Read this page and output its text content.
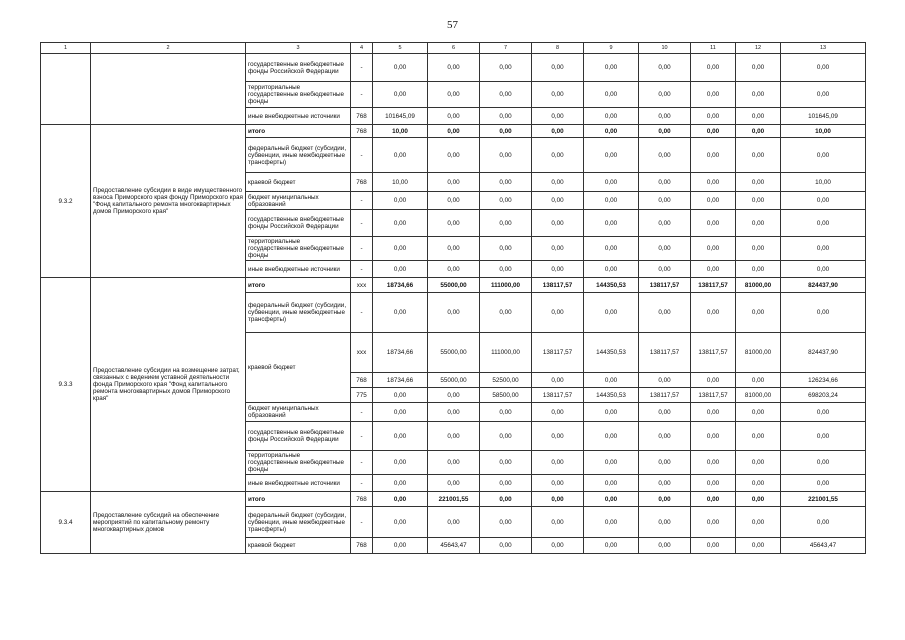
57
1	2	3	4	5	6	7	8	9	10	11	12	13
		государственные внебюджетные фонды Российской Федерации	-	0,00	0,00	0,00	0,00	0,00	0,00	0,00	0,00	0,00
		территориальные государственные внебюджетные фонды	-	0,00	0,00	0,00	0,00	0,00	0,00	0,00	0,00	0,00
		иные внебюджетные источники	768	101645,09	0,00	0,00	0,00	0,00	0,00	0,00	0,00	101645,09
9.3.2	Предоставление субсидии в виде имущественного взноса Приморского края фонду Приморского края "Фонд капитального ремонта многоквартирных домов Приморского края"	итого	768	10,00	0,00	0,00	0,00	0,00	0,00	0,00	0,00	10,00
		федеральный бюджет (субсидии, субвенции, иные межбюджетные трансферты)	-	0,00	0,00	0,00	0,00	0,00	0,00	0,00	0,00	0,00
		краевой бюджет	768	10,00	0,00	0,00	0,00	0,00	0,00	0,00	0,00	10,00
		бюджет муниципальных образований	-	0,00	0,00	0,00	0,00	0,00	0,00	0,00	0,00	0,00
		государственные внебюджетные фонды Российской Федерации	-	0,00	0,00	0,00	0,00	0,00	0,00	0,00	0,00	0,00
		территориальные государственные внебюджетные фонды	-	0,00	0,00	0,00	0,00	0,00	0,00	0,00	0,00	0,00
		иные внебюджетные источники	-	0,00	0,00	0,00	0,00	0,00	0,00	0,00	0,00	0,00
9.3.3	Предоставление субсидии на возмещение затрат, связанных с ведением уставной деятельности фонда Приморского края "Фонд капитального ремонта многоквартирных домов Приморского края"	итого	ххх	18734,66	55000,00	111000,00	138117,57	144350,53	138117,57	138117,57	81000,00	824437,90
		федеральный бюджет (субсидии, субвенции, иные межбюджетные трансферты)	-	0,00	0,00	0,00	0,00	0,00	0,00	0,00	0,00	0,00
		краевой бюджет	ххх	18734,66	55000,00	111000,00	138117,57	144350,53	138117,57	138117,57	81000,00	824437,90
			768	18734,66	55000,00	52500,00	0,00	0,00	0,00	0,00	0,00	126234,66
			775	0,00	0,00	58500,00	138117,57	144350,53	138117,57	138117,57	81000,00	698203,24
		бюджет муниципальных образований	-	0,00	0,00	0,00	0,00	0,00	0,00	0,00	0,00	0,00
		государственные внебюджетные фонды Российской Федерации	-	0,00	0,00	0,00	0,00	0,00	0,00	0,00	0,00	0,00
		территориальные государственные внебюджетные фонды	-	0,00	0,00	0,00	0,00	0,00	0,00	0,00	0,00	0,00
		иные внебюджетные источники	-	0,00	0,00	0,00	0,00	0,00	0,00	0,00	0,00	0,00
9.3.4	Предоставление субсидий на обеспечение мероприятий по капитальному ремонту многоквартирных домов	итого	768	0,00	221001,55	0,00	0,00	0,00	0,00	0,00	0,00	221001,55
		федеральный бюджет (субсидии, субвенции, иные межбюджетные трансферты)	-	0,00	0,00	0,00	0,00	0,00	0,00	0,00	0,00	0,00
		краевой бюджет	768	0,00	45643,47	0,00	0,00	0,00	0,00	0,00	0,00	45643,47
